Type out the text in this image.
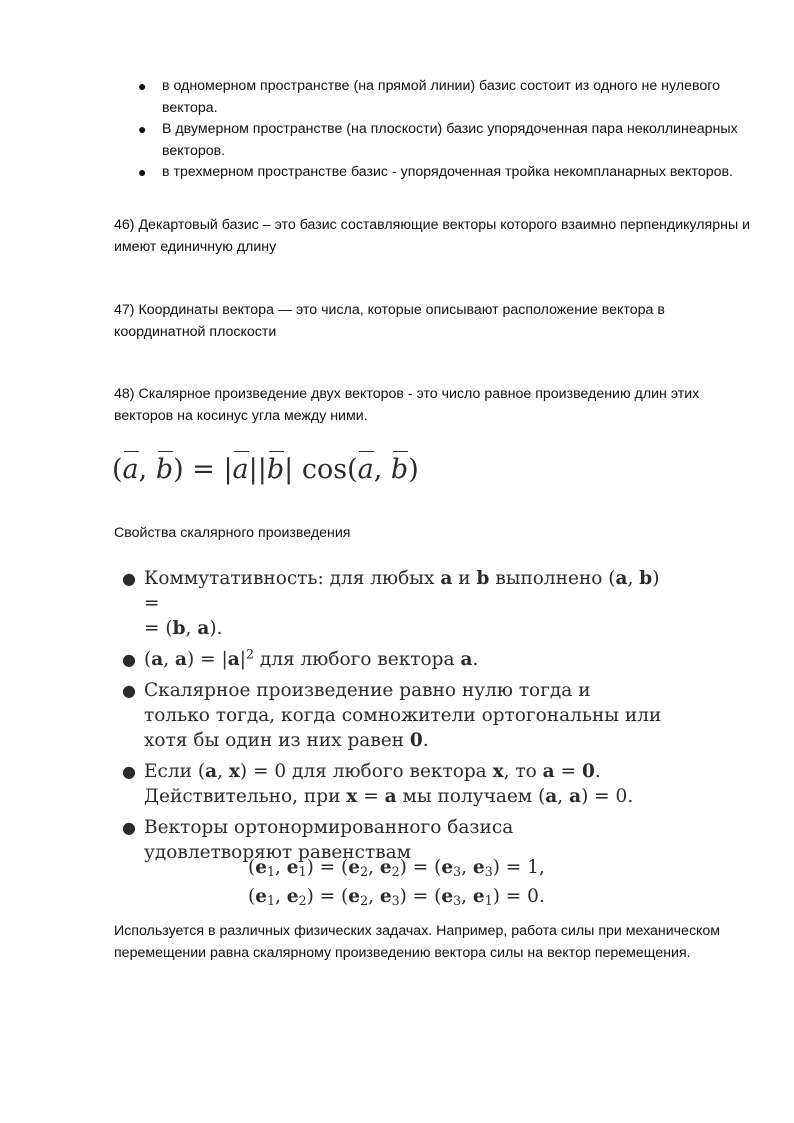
● в одномерном пространстве (на прямой линии) базис состоит из одного не нулевого вектора.
● В двумерном пространстве (на плоскости) базис упорядоченная пара неколлинеарных векторов.
● в трехмерном пространстве базис - упорядоченная тройка некомпланарных векторов.
46) Декартовый базис – это базис составляющие векторы которого взаимно перпендикулярны и имеют единичную длину
47) Координаты вектора — это числа, которые описывают расположение вектора в координатной плоскости
48) Скалярное произведение двух векторов - это число равное произведению длин этих векторов на косинус угла между ними.
(a, b) = |a||b| cos(a, b)
Свойства скалярного произведения
● Коммутативность: для любых a и b выполнено (a, b) =
= (b, a).
● (a, $a) = |a|^2$ для любого вектора a.
● Скалярное произведение равно нулю тогда и только тогда, когда сомножители ортогональны или хотя бы один из них равен 0.
● Если (a, x) = 0 для любого вектора x, то a = 0. Действительно, при x = a мы получаем (a, a) = 0.
● Векторы ортонормированного базиса удовлетворяют равенствам
($e_1$, $e_1) = (e_2$, $e_2) = (e_3$, $e_3) = 1$,
($e_1$, $e_2) = (e_2$, $e_3) = (e_3$, $e_1) = 0$.
Используется в различных физических задачах. Например, работа силы при механическом перемещении равна скалярному произведению вектора силы на вектор перемещения.
